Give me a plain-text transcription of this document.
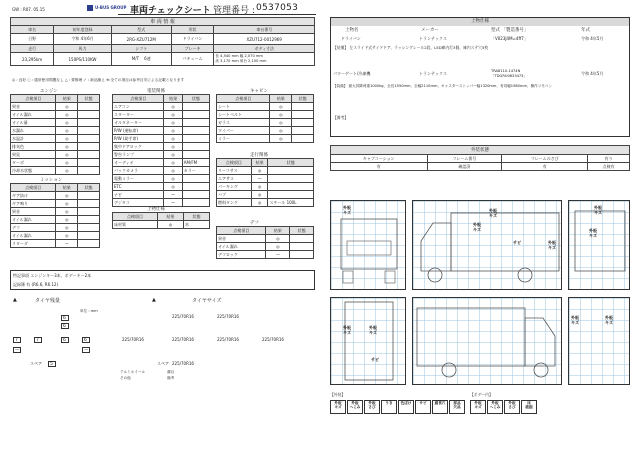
GW : R07. 05.15	U-BUS GROUP 車両チェックシート 管理番号 : 0537053
車 両 情 報				
車名	初年度登録	型式	形状	車台番号
日野	令和 4年6月	2RG-XZU712M	ドライバン	XZU712-0012969
走行	馬力	シフト	ブレーキ	ボディ寸法
23,295km	150PS/110KW	M/T 6速	バキューム	長 4,540 mm 幅 2,070 mm
高 3,170 mm 荷台 2,100 mm
◎ : 良好 ○ : 通常使用問題なし △ : 要修理 ✓ : 新品換え ※:全ての項目は参考目安による記載となります
エンジン
点検項目	結果	状態
異音	◎	
オイル漏れ	◎	
オイル量	◎	
水漏れ	◎	
水温計	◎	
排気色	◎	
異臭	◎	
ターボ	◎	
冷却水状態	◎	
ミッション
点検項目	結果	状態
ギア抜け	◎	
ギア鳴り	◎	
異音	◎	
オイル漏れ	◎	
デフ	◎	
オイル漏れ	◎	
リターダ	—	
電装関係
点検項目	結果	状態
エアコン	◎	
スターター	◎	
オルタネーター	◎	
P/W (運転席)	◎	
P/W (助手席)	◎	
集中ドアロック	◎	
警告ランプ	◎	
オーディオ	◎	AM/FM
バックカメラ	◎	カラー
電動ミラー	◎	
ETC	◎	
ナビ	—	
デジタコ	—	
上物仕様
点検項目	結果	状態
床材質	◎	木
キャビン
点検項目	結果	状態
シート	◎	
シートベルト	◎	
ガラス	◎	
ワイパー	◎	
ミラー	◎	
走行関係
点検項目	結果	状態
リーフサス	◎	
エアサス	—	
パーキング	◎	
ハブ	◎	
燃料タンク	◎	スチール 100L
デフ
点検項目	結果	状態
異音	◎	
オイル漏れ	◎	
デフロック	—	
特記事項 エンジンキー3本、ボデーキー2本
記録簿 有 (R6.6, R6.12)
タイヤ残量
▲
単位 : mm
6
6
7	7	6	6
—	—
スペア 5
タイヤサイズ
▲
225/70R16	225/70R16
225/70R16	225/70R16	225/70R16	225/70R16
スペア 225/70R16
アルミホイール
その他
溝目
備考
上物仕様
上物名	メーカー	型式 「製造番号」	年式
ドライバン	トランテックス	「V023J4M=4ff7」	令和 4年5月
【装備】 左スライド式サイドドア、ラッシングレール2段、LED庫内灯3個、庫内ステ穴5枚
パワーゲート/冷凍機	トランテックス	TRA8110-1474N
「TDGRU0633473」	令和 4年5月
【装備】 最大昇降荷重1000kg、全長1550mm、全幅2110mm、キャスターストッパー幅1320mm、有効幅1980mm、操作リモコン
【備考】
外装状態			
キャブコーション	フレーム番号	フレームのさび	有り
有	確認済	有	点検有
外板
キズ	外板
キズ
外板
キズ
サビ	外板
キズ
外板
キズ
外板
キズ
外板
キズ
外板
キズ
サビ
外板
キズ
外板
キズ
【外装】	【ボデー内】
外板
キズ
外板
へこみ
外板
さび
うき	色ぼけ	サビ	腐食穴	部品
欠品
外板
キズ
外板
へこみ
外板
さび
床
破損
